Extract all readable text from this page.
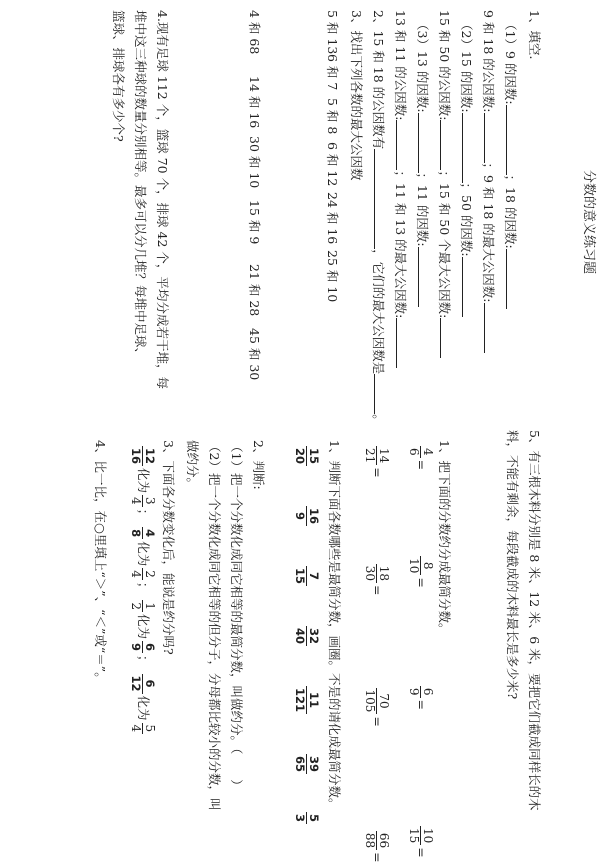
分数的意义练习题
1、填空.
（1）9 的因数:；18 的因数:
9 和 18 的公因数:；9 和 18 的最大公因数:
（2）15 的因数:；50 的因数:
15 和 50 的公因数:；15 和 50 个最大公因数:
（3）13 的因数:；11 的因数:
13 和 11 的公因数:；11 和 13 的最大公因数:
2、15 和 18 的公因数有，它们的最大公因数是。
3、找出下列各数的最大公因数
5 和 136 和 75 和 86 和 1224 和 1625 和 10
4 和 6814 和 1630 和 1015 和 921 和 2845 和 30
4.现有足球 112 个，篮球 70 个，排球 42 个，平均分成若干堆，每
堆中这三种球的数量分别相等。最多可以分几堆？每堆中足球、
篮球、排球各有多少个?
5、有三根木料分别是 8 米、12 米、6 米，要把它们截成同样长的木
料，不能有剩余，每段截成的木料最长是多少米?
1、把下面的分数约分成最简分数。
4
6
=
8
10
=
6
9
=
10
15
=
14
21
=
18
30
=
70
105
=
66
88
=
1、判断下面各数哪些是最简分数，画圈。不是的请化成最简分数。
15
20

16
9

7
15

32
40

11
121

39
65

5
3
2、判断:
（1）把一个分数化成同它相等的最简分数，叫做约分。（　　）
（2）把一个分数化成同它相等的但分子，分母都比较小的分数，叫
做约分。
3、下面各分数变化后，能说是约分吗?
12
16
化为
3
4
；
4
8
化为
2
4
；
1
2
化为
6
9
；
6
12
化为
5
4
4、比一比，在○里填上“＞”、“＜”或“＝”。
